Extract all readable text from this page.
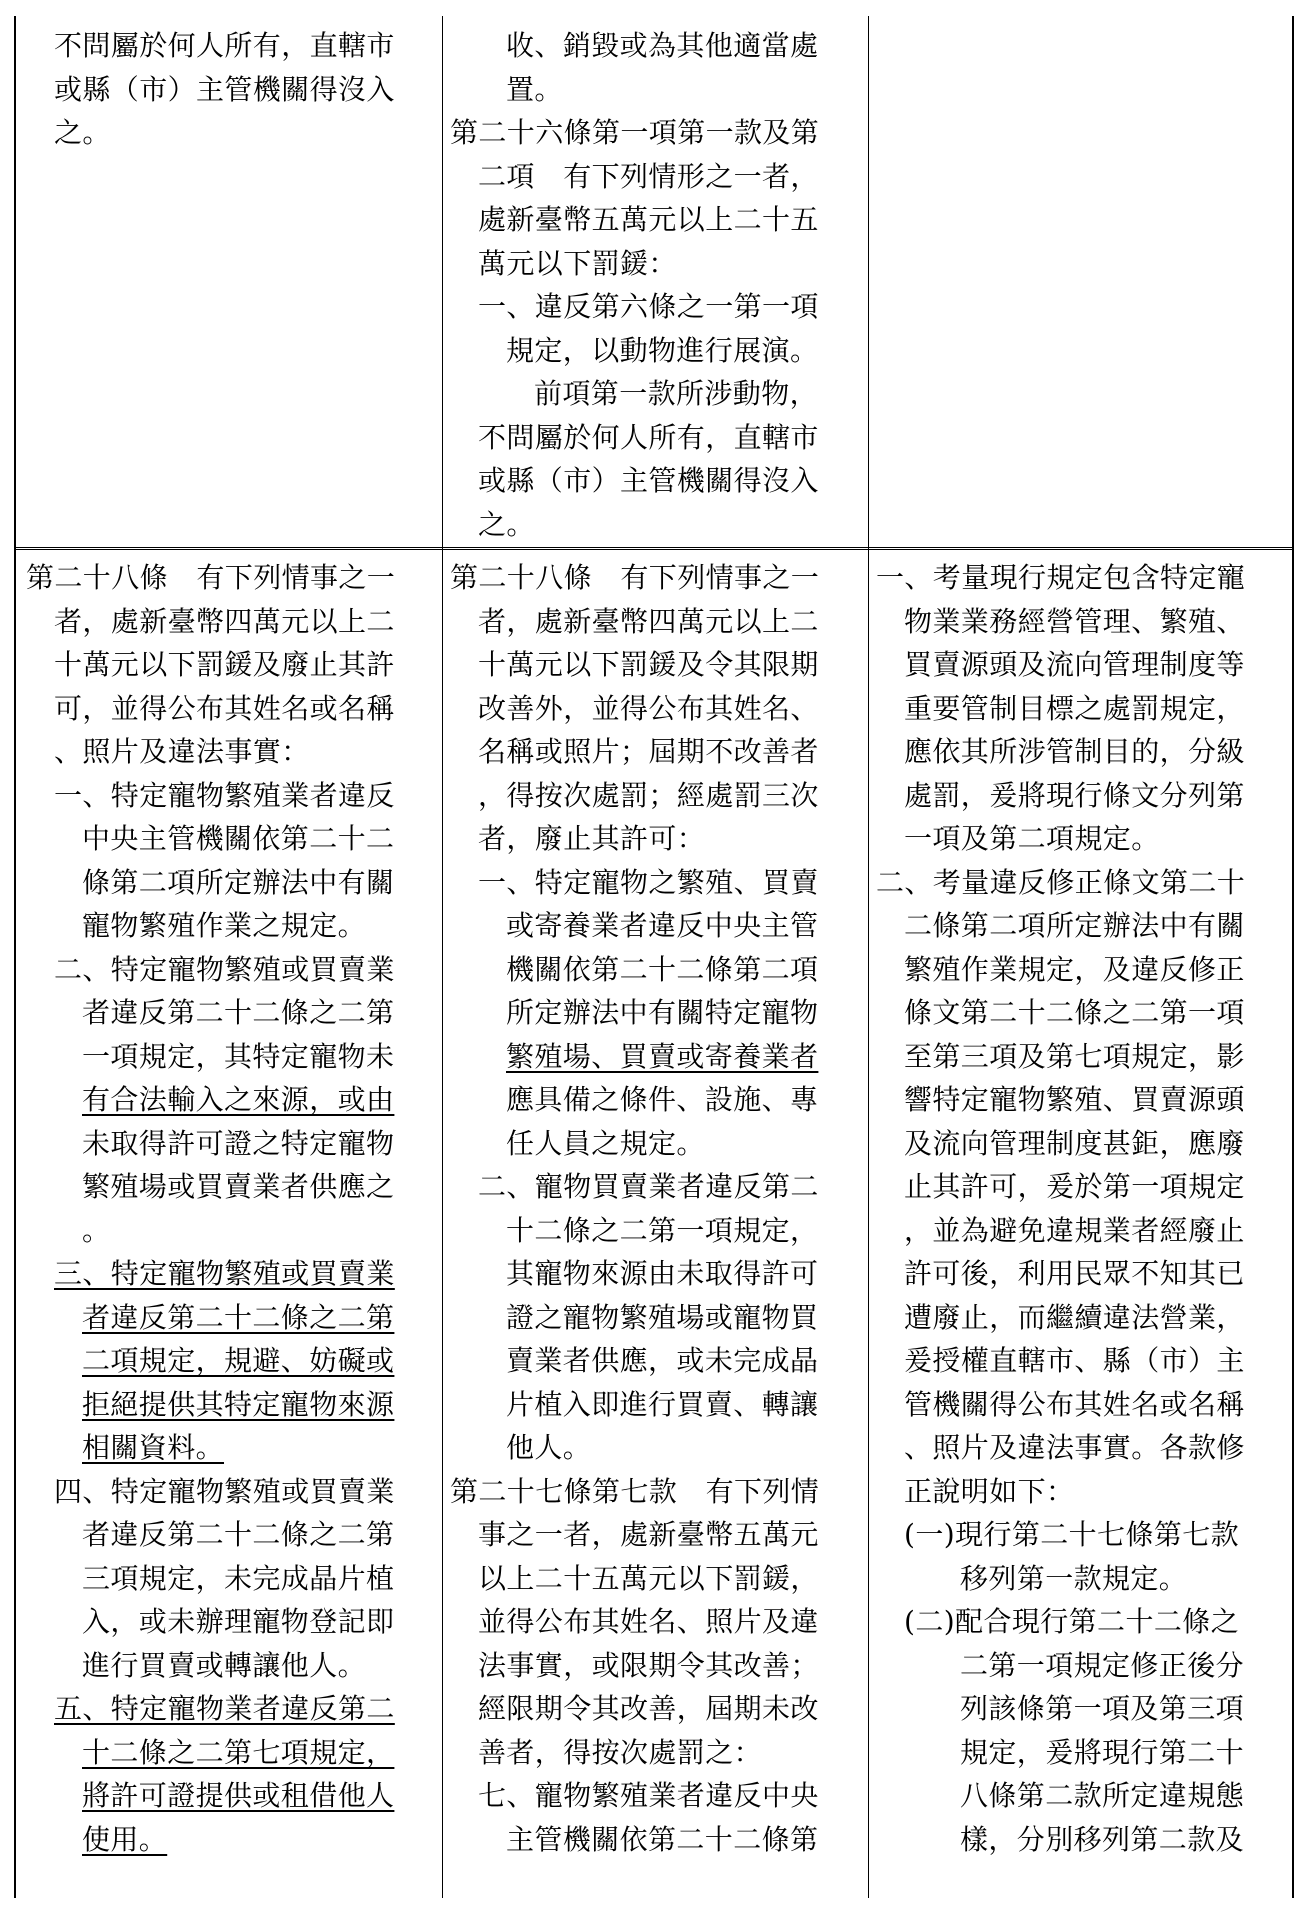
不問屬於何人所有，直轄市

或縣（市）主管機關得沒入

之。

收、銷毀或為其他適當處

置。

第二十六條第一項第一款及第

二項　有下列情形之一者，

處新臺幣五萬元以上二十五

萬元以下罰鍰：

一、違反第六條之一第一項

規定，以動物進行展演。

前項第一款所涉動物，

不問屬於何人所有，直轄市

或縣（市）主管機關得沒入

之。

第二十八條　有下列情事之一

者，處新臺幣四萬元以上二

十萬元以下罰鍰及廢止其許

可，並得公布其姓名或名稱

、照片及違法事實：

一、特定寵物繁殖業者違反

中央主管機關依第二十二

條第二項所定辦法中有關

寵物繁殖作業之規定。

二、特定寵物繁殖或買賣業

者違反第二十二條之二第

一項規定，其特定寵物未

有合法輸入之來源，或由

未取得許可證之特定寵物

繁殖場或買賣業者供應之

。

三、特定寵物繁殖或買賣業

者違反第二十二條之二第

二項規定，規避、妨礙或

拒絕提供其特定寵物來源

相關資料。

四、特定寵物繁殖或買賣業

者違反第二十二條之二第

三項規定，未完成晶片植

入，或未辦理寵物登記即

進行買賣或轉讓他人。

五、特定寵物業者違反第二

十二條之二第七項規定，

將許可證提供或租借他人

使用。

第二十八條　有下列情事之一

者，處新臺幣四萬元以上二

十萬元以下罰鍰及令其限期

改善外，並得公布其姓名、

名稱或照片；屆期不改善者

，得按次處罰；經處罰三次

者，廢止其許可：

一、特定寵物之繁殖、買賣

或寄養業者違反中央主管

機關依第二十二條第二項

所定辦法中有關特定寵物

繁殖場、買賣或寄養業者

應具備之條件、設施、專

任人員之規定。

二、寵物買賣業者違反第二

十二條之二第一項規定，

其寵物來源由未取得許可

證之寵物繁殖場或寵物買

賣業者供應，或未完成晶

片植入即進行買賣、轉讓

他人。

第二十七條第七款　有下列情

事之一者，處新臺幣五萬元

以上二十五萬元以下罰鍰，

並得公布其姓名、照片及違

法事實，或限期令其改善；

經限期令其改善，屆期未改

善者，得按次處罰之：

七、寵物繁殖業者違反中央

主管機關依第二十二條第

一、考量現行規定包含特定寵

物業業務經營管理、繁殖、

買賣源頭及流向管理制度等

重要管制目標之處罰規定，

應依其所涉管制目的，分級

處罰，爰將現行條文分列第

一項及第二項規定。

二、考量違反修正條文第二十

二條第二項所定辦法中有關

繁殖作業規定，及違反修正

條文第二十二條之二第一項

至第三項及第七項規定，影

響特定寵物繁殖、買賣源頭

及流向管理制度甚鉅，應廢

止其許可，爰於第一項規定

，並為避免違規業者經廢止

許可後，利用民眾不知其已

遭廢止，而繼續違法營業，

爰授權直轄市、縣（市）主

管機關得公布其姓名或名稱

、照片及違法事實。各款修

正說明如下：

(一)現行第二十七條第七款

移列第一款規定。

(二)配合現行第二十二條之

二第一項規定修正後分

列該條第一項及第三項

規定，爰將現行第二十

八條第二款所定違規態

樣，分別移列第二款及
